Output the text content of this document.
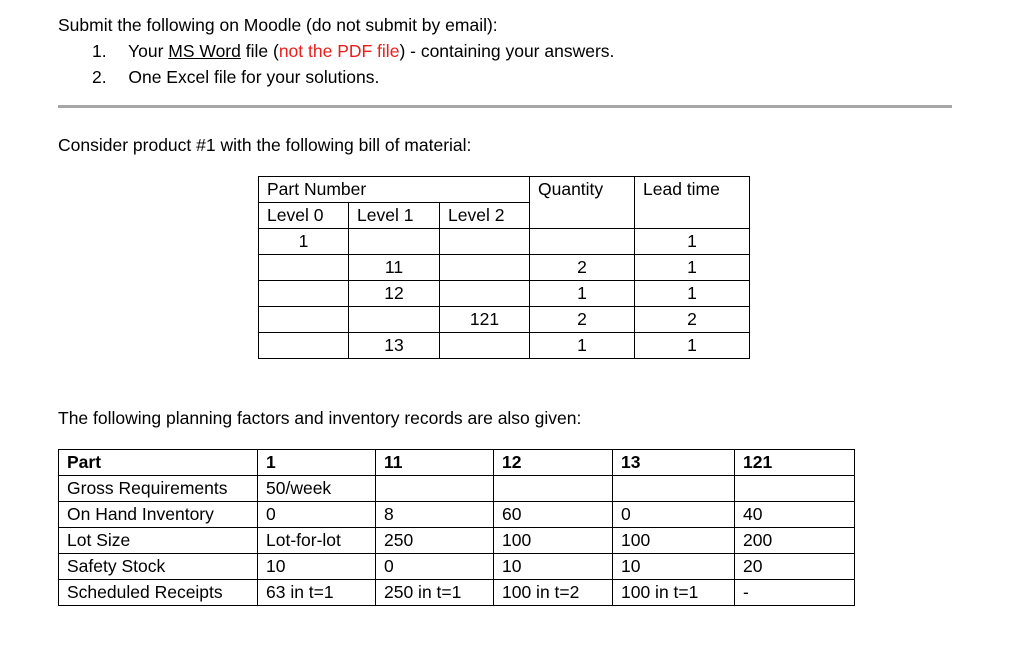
Submit the following on Moodle (do not submit by email):
1. Your MS Word file (not the PDF file) - containing your answers.
2. One Excel file for your solutions.
Consider product #1 with the following bill of material:
Part Number			Quantity	Lead time
Level 0	Level 1	Level 2		
1				1
	11		2	1
	12		1	1
		121	2	2
	13		1	1
The following planning factors and inventory records are also given:
Part	1	11	12	13	121
Gross Requirements	50/week				
On Hand Inventory	0	8	60	0	40
Lot Size	Lot-for-lot	250	100	100	200
Safety Stock	10	0	10	10	20
Scheduled Receipts	63 in t=1	250 in t=1	100 in t=2	100 in t=1	-
